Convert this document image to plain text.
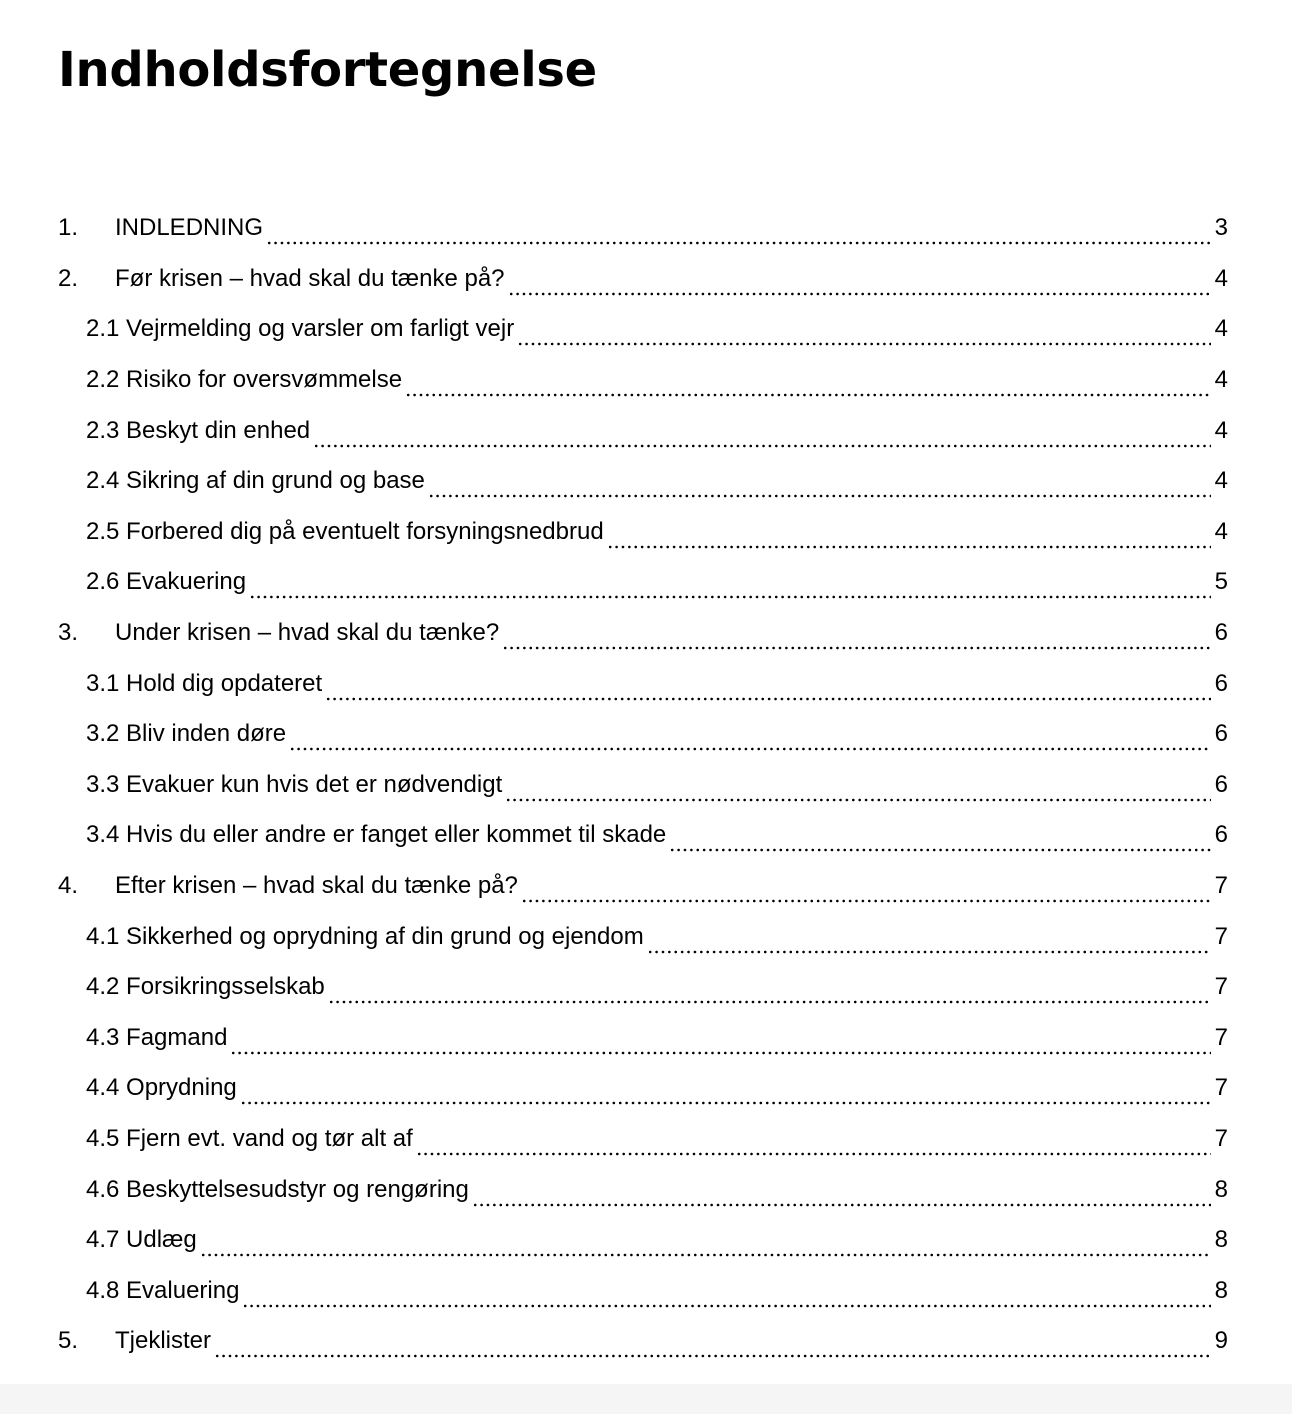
Indholdsfortegnelse
1.	INDLEDNING	3
2.	Før krisen – hvad skal du tænke på?	4
2.1 Vejrmelding og varsler om farligt vejr	4
2.2 Risiko for oversvømmelse	4
2.3 Beskyt din enhed	4
2.4 Sikring af din grund og base	4
2.5 Forbered dig på eventuelt forsyningsnedbrud	4
2.6 Evakuering	5
3.	Under krisen – hvad skal du tænke?	6
3.1 Hold dig opdateret	6
3.2 Bliv inden døre	6
3.3 Evakuer kun hvis det er nødvendigt	6
3.4 Hvis du eller andre er fanget eller kommet til skade	6
4.	Efter krisen – hvad skal du tænke på?	7
4.1 Sikkerhed og oprydning af din grund og ejendom	7
4.2 Forsikringsselskab	7
4.3 Fagmand	7
4.4 Oprydning	7
4.5 Fjern evt. vand og tør alt af	7
4.6 Beskyttelsesudstyr og rengøring	8
4.7 Udlæg	8
4.8 Evaluering	8
5.	Tjeklister	9
